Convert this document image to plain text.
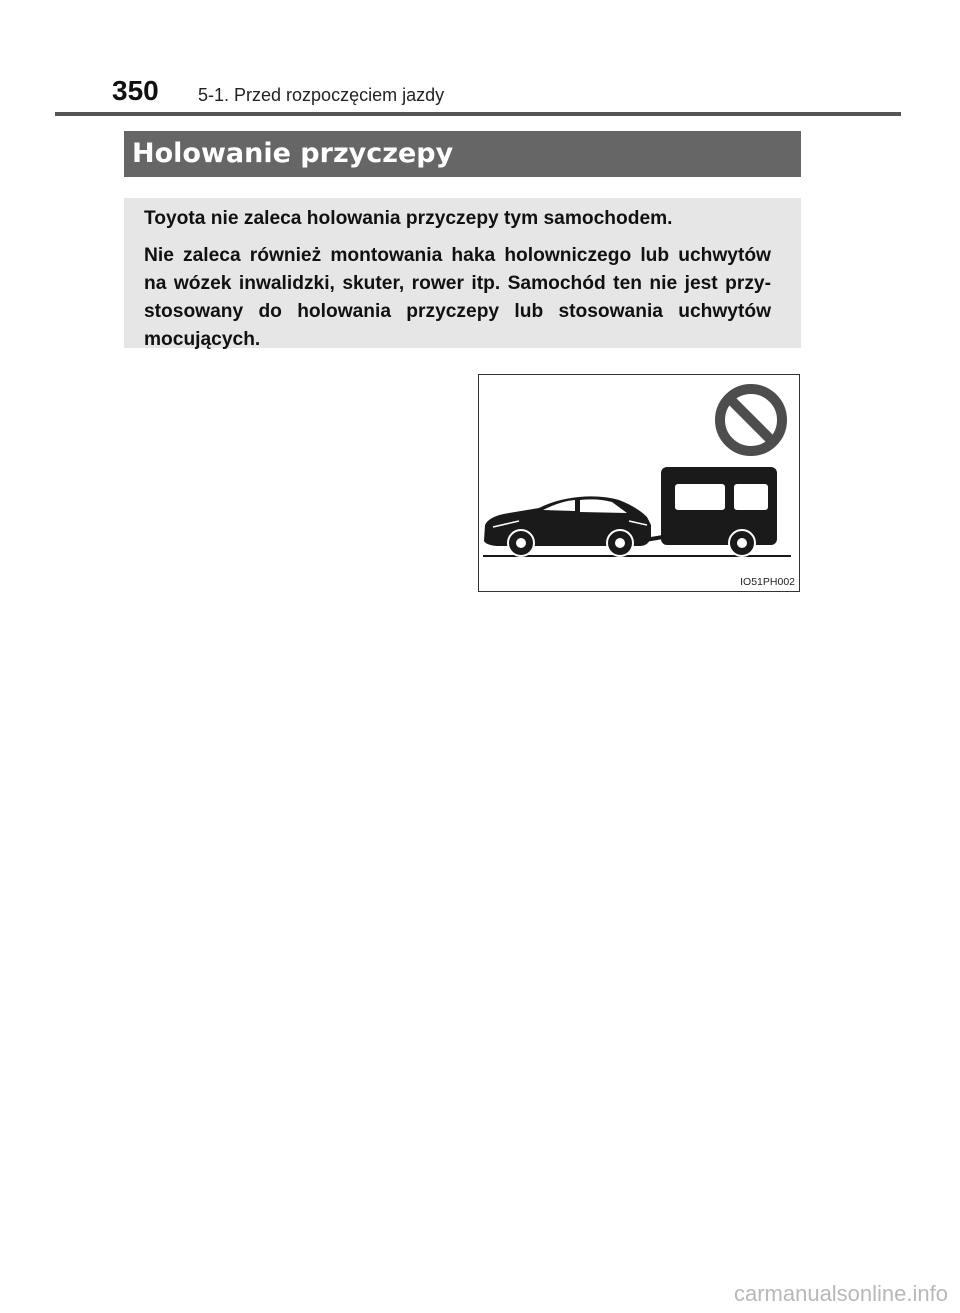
350 5-1. Przed rozpoczęciem jazdy
Holowanie przyczepy

Toyota nie zaleca holowania przyczepy tym samochodem.

Nie zaleca również montowania haka holowniczego lub uchwytów na wózek inwalidzki, skuter, rower itp. Samochód ten nie jest przy-stosowany do holowania przyczepy lub stosowania uchwytów mocujących.

IO51PH002
carmanualsonline.info
